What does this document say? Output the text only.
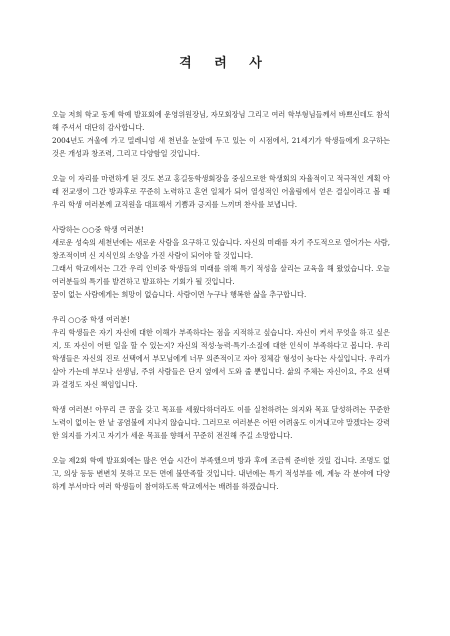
격 려 사

오늘 저희 학교 동계 학예 발표회에 운영위원장님, 자모회장님 그리고 여러 학부형님들께서 바쁘신데도 참석해 주셔서 대단히 감사합니다.
2004년도 겨울에 가고 밀레니엄 새 천년을 눈앞에 두고 있는 이 시점에서, 21세기가 학생들에게 요구하는 것은 개성과 창조력, 그리고 다양함일 것입니다.

오늘 이 자리를 마련하게 된 것도 본교 홍길동학생회장을 중심으로한 학생회의 자율적이고 적극적인 계획 아래 전교생이 그간 방과후로 꾸준히 노력하고 혼연 일체가 되어 열성적인 어울림에서 얻은 결실이라고 볼 때 우리 학생 여러분께 교직원을 대표해서 기쁨과 긍지를 느끼며 찬사를 보냅니다.

사랑하는 ○○중 학생 여러분!
새로운 성숙의 세천년에는 새로운 사람을 요구하고 있습니다. 자신의 미래를 자기 주도적으로 열어가는 사람, 창조적이며 신 지식인의 소양을 가진 사람이 되어야 할 것입니다.
그래서 학교에서는 그간 우리 인비중 학생들의 미래를 위해 특기 적성을 살리는 교육을 해 왔었습니다. 오늘 여러분들의 특기를 발견하고 발표하는 기회가 될 것입니다.
꿈이 없는 사람에게는 희망이 없습니다. 사람이면 누구나 행복한 삶을 추구합니다.

우리 ○○중 학생 여러분!
우리 학생들은 자기 자신에 대한 이해가 부족하다는 점을 지적하고 싶습니다. 자신이 커서 무엇을 하고 싶은지, 또 자신이 어떤 일을 할 수 있는지? 자신의 적성·능력·특기·소질에 대한 인식이 부족하다고 봅니다. 우리 학생들은 자신의 진로 선택에서 부모님에게 너무 의존적이고 자아 정체감 형성이 늦다는 사실입니다. 우리가 살아 가는데 부모나 선생님, 주위 사람들은 단지 옆에서 도와 줄 뿐입니다. 삶의 주체는 자신이요, 주요 선택과 결정도 자신 책임입니다.

학생 여러분! 아무리 큰 꿈을 갖고 목표를 세웠다하더라도 이를 실천하려는 의지와 목표 달성하려는 꾸준한 노력이 없이는 한 낱 공염불에 지나지 않습니다. 그러므로 여러분은 어떤 어려움도 이겨내고야 말겠다는 강력한 의지를 가지고 자기가 세운 목표를 향해서 꾸준히 전진해 주길 소망합니다.

오늘 제2회 학예 발표회에는 많은 연습 시간이 부족했으며 방과 후에 조금씩 준비한 것일 겁니다. 조명도 없고, 의상 등등 변변치 못하고 모든 면에 불만족할 것입니다. 내년에는 특기 적성부를 에, 계능 각 분야에 다양하게 부서마다 여러 학생들이 참여하도록 학교에서는 배려를 하겠습니다.
